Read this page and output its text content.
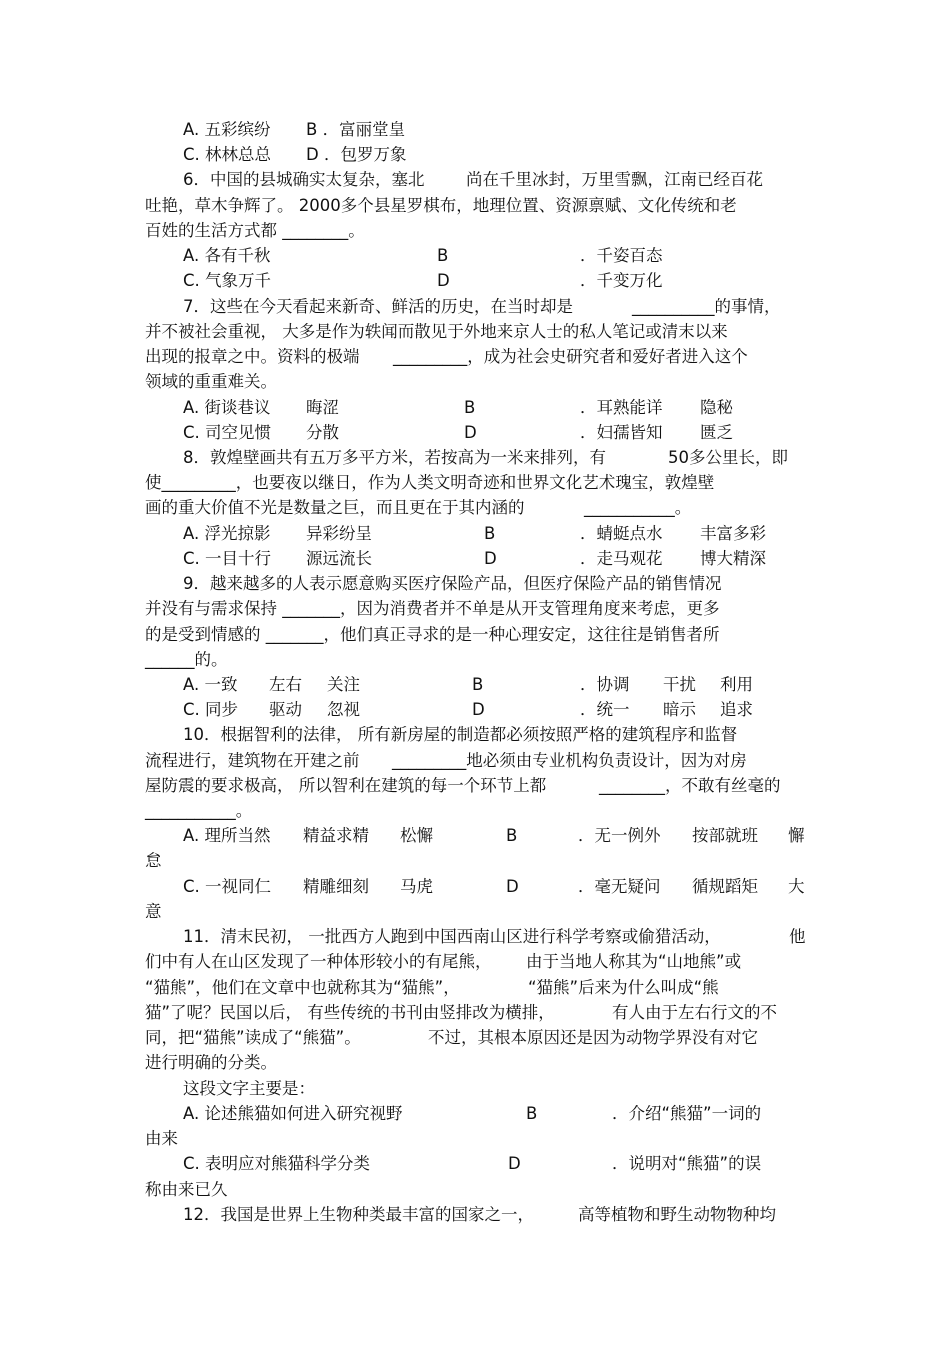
A. 五彩缤纷 B ．富丽堂皇
C. 林林总总 D ．包罗万象
6．中国的县城确实太复杂，塞北	尚在千里冰封，万里雪飘，江南已经百花
吐艳，草木争辉了。 2000多个县星罗棋布，地理位置、资源禀赋、文化传统和老
百姓的生活方式都 ________。
A. 各有千秋	B	．千姿百态
C. 气象万千	D	．千变万化
7．这些在今天看起来新奇、鲜活的历史，在当时却是	__________的事情，
并不被社会重视， 大多是作为轶闻而散见于外地来京人士的私人笔记或清末以来
出现的报章之中。资料的极端 _________，成为社会史研究者和爱好者进入这个
领域的重重难关。
A. 街谈巷议 晦涩	B	．耳熟能详 隐秘
C. 司空见惯 分散	D	．妇孺皆知 匮乏
8．敦煌壁画共有五万多平方米，若按高为一米来排列，有	50多公里长，即
使_________，也要夜以继日，作为人类文明奇迹和世界文化艺术瑰宝，敦煌壁
画的重大价值不光是数量之巨，而且更在于其内涵的	___________。
A. 浮光掠影 异彩纷呈	B	．蜻蜓点水 丰富多彩
C. 一目十行 源远流长	D	．走马观花 博大精深
9．越来越多的人表示愿意购买医疗保险产品，但医疗保险产品的销售情况
并没有与需求保持 _______，因为消费者并不单是从开支管理角度来考虑，更多
的是受到情感的 _______，他们真正寻求的是一种心理安定，这往往是销售者所
______的。
A. 一致 左右 关注	B	．协调 干扰 利用
C. 同步 驱动 忽视	D	．统一 暗示 追求
10．根据智利的法律， 所有新房屋的制造都必须按照严格的建筑程序和监督
流程进行，建筑物在开建之前 _________地必须由专业机构负责设计，因为对房
屋防震的要求极高， 所以智利在建筑的每一个环节上都	________，不敢有丝毫的
___________。
A. 理所当然 精益求精 松懈	B	．无一例外 按部就班 懈
怠
C. 一视同仁 精雕细刻 马虎	D	．毫无疑问 循规蹈矩 大
意
11．清末民初， 一批西方人跑到中国西南山区进行科学考察或偷猎活动，	他
们中有人在山区发现了一种体形较小的有尾熊， 由于当地人称其为“山地熊”或
“猫熊”，他们在文章中也就称其为“猫熊”，	“猫熊”后来为什么叫成“熊
猫”了呢？民国以后， 有些传统的书刊由竖排改为横排，	有人由于左右行文的不
同，把“猫熊”读成了“熊猫”。	不过，其根本原因还是因为动物学界没有对它
进行明确的分类。
这段文字主要是：
A. 论述熊猫如何进入研究视野	B	．介绍“熊猫”一词的
由来
C. 表明应对熊猫科学分类	D	．说明对“熊猫”的误
称由来已久
12．我国是世界上生物种类最丰富的国家之一，	高等植物和野生动物物种均
